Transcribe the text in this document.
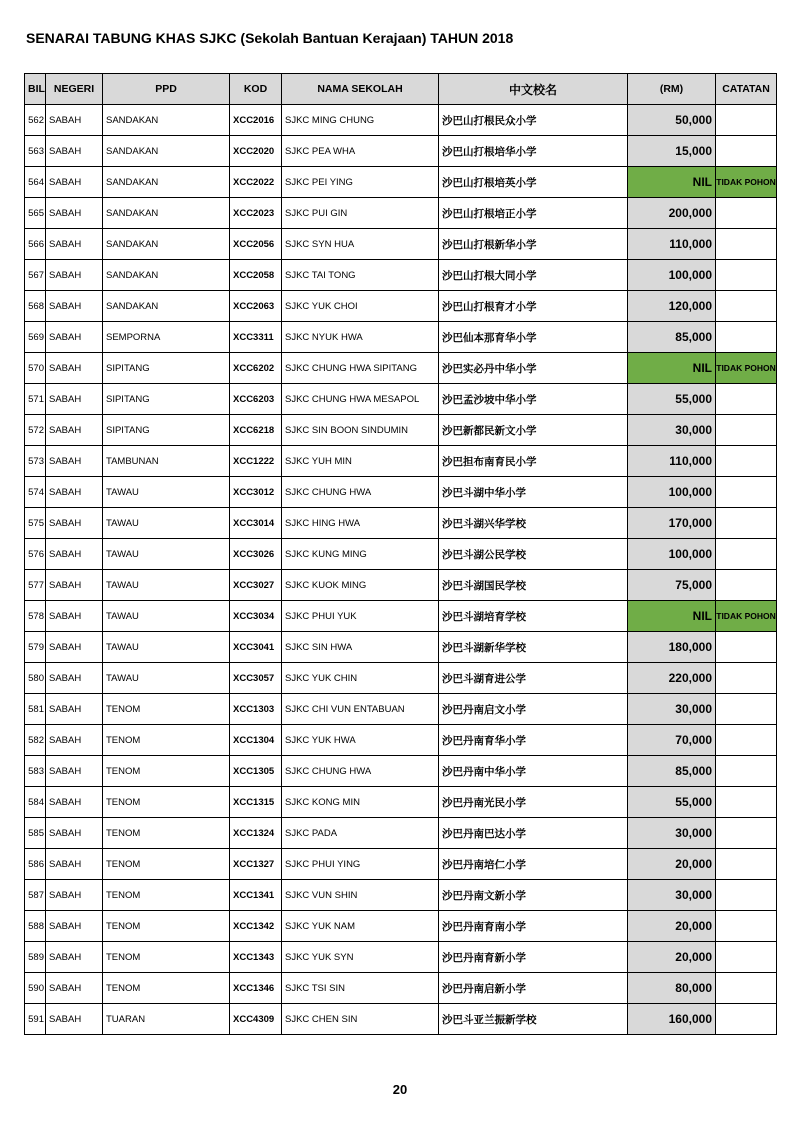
SENARAI TABUNG KHAS SJKC (Sekolah Bantuan Kerajaan) TAHUN 2018
BIL	NEGERI	PPD	KOD	NAMA SEKOLAH	中文校名	(RM)	CATATAN
562	SABAH	SANDAKAN	XCC2016	SJKC MING CHUNG	沙巴山打根民众小学	50,000	
563	SABAH	SANDAKAN	XCC2020	SJKC PEA WHA	沙巴山打根培华小学	15,000	
564	SABAH	SANDAKAN	XCC2022	SJKC PEI YING	沙巴山打根培英小学	NIL	TIDAK POHON
565	SABAH	SANDAKAN	XCC2023	SJKC PUI GIN	沙巴山打根培正小学	200,000	
566	SABAH	SANDAKAN	XCC2056	SJKC SYN HUA	沙巴山打根新华小学	110,000	
567	SABAH	SANDAKAN	XCC2058	SJKC TAI TONG	沙巴山打根大同小学	100,000	
568	SABAH	SANDAKAN	XCC2063	SJKC YUK CHOI	沙巴山打根育才小学	120,000	
569	SABAH	SEMPORNA	XCC3311	SJKC NYUK HWA	沙巴仙本那育华小学	85,000	
570	SABAH	SIPITANG	XCC6202	SJKC CHUNG HWA SIPITANG	沙巴实必丹中华小学	NIL	TIDAK POHON
571	SABAH	SIPITANG	XCC6203	SJKC CHUNG HWA MESAPOL	沙巴孟沙坡中华小学	55,000	
572	SABAH	SIPITANG	XCC6218	SJKC SIN BOON SINDUMIN	沙巴新都民新文小学	30,000	
573	SABAH	TAMBUNAN	XCC1222	SJKC YUH MIN	沙巴担布南育民小学	110,000	
574	SABAH	TAWAU	XCC3012	SJKC CHUNG HWA	沙巴斗湖中华小学	100,000	
575	SABAH	TAWAU	XCC3014	SJKC HING HWA	沙巴斗湖兴华学校	170,000	
576	SABAH	TAWAU	XCC3026	SJKC KUNG MING	沙巴斗湖公民学校	100,000	
577	SABAH	TAWAU	XCC3027	SJKC KUOK MING	沙巴斗湖国民学校	75,000	
578	SABAH	TAWAU	XCC3034	SJKC PHUI YUK	沙巴斗湖培育学校	NIL	TIDAK POHON
579	SABAH	TAWAU	XCC3041	SJKC SIN HWA	沙巴斗湖新华学校	180,000	
580	SABAH	TAWAU	XCC3057	SJKC YUK CHIN	沙巴斗湖育进公学	220,000	
581	SABAH	TENOM	XCC1303	SJKC CHI VUN ENTABUAN	沙巴丹南启文小学	30,000	
582	SABAH	TENOM	XCC1304	SJKC YUK HWA	沙巴丹南育华小学	70,000	
583	SABAH	TENOM	XCC1305	SJKC CHUNG HWA	沙巴丹南中华小学	85,000	
584	SABAH	TENOM	XCC1315	SJKC KONG MIN	沙巴丹南光民小学	55,000	
585	SABAH	TENOM	XCC1324	SJKC PADA	沙巴丹南巴达小学	30,000	
586	SABAH	TENOM	XCC1327	SJKC PHUI YING	沙巴丹南培仁小学	20,000	
587	SABAH	TENOM	XCC1341	SJKC VUN SHIN	沙巴丹南文新小学	30,000	
588	SABAH	TENOM	XCC1342	SJKC YUK NAM	沙巴丹南育南小学	20,000	
589	SABAH	TENOM	XCC1343	SJKC YUK SYN	沙巴丹南育新小学	20,000	
590	SABAH	TENOM	XCC1346	SJKC TSI SIN	沙巴丹南启新小学	80,000	
591	SABAH	TUARAN	XCC4309	SJKC CHEN SIN	沙巴斗亚兰振新学校	160,000	
20
